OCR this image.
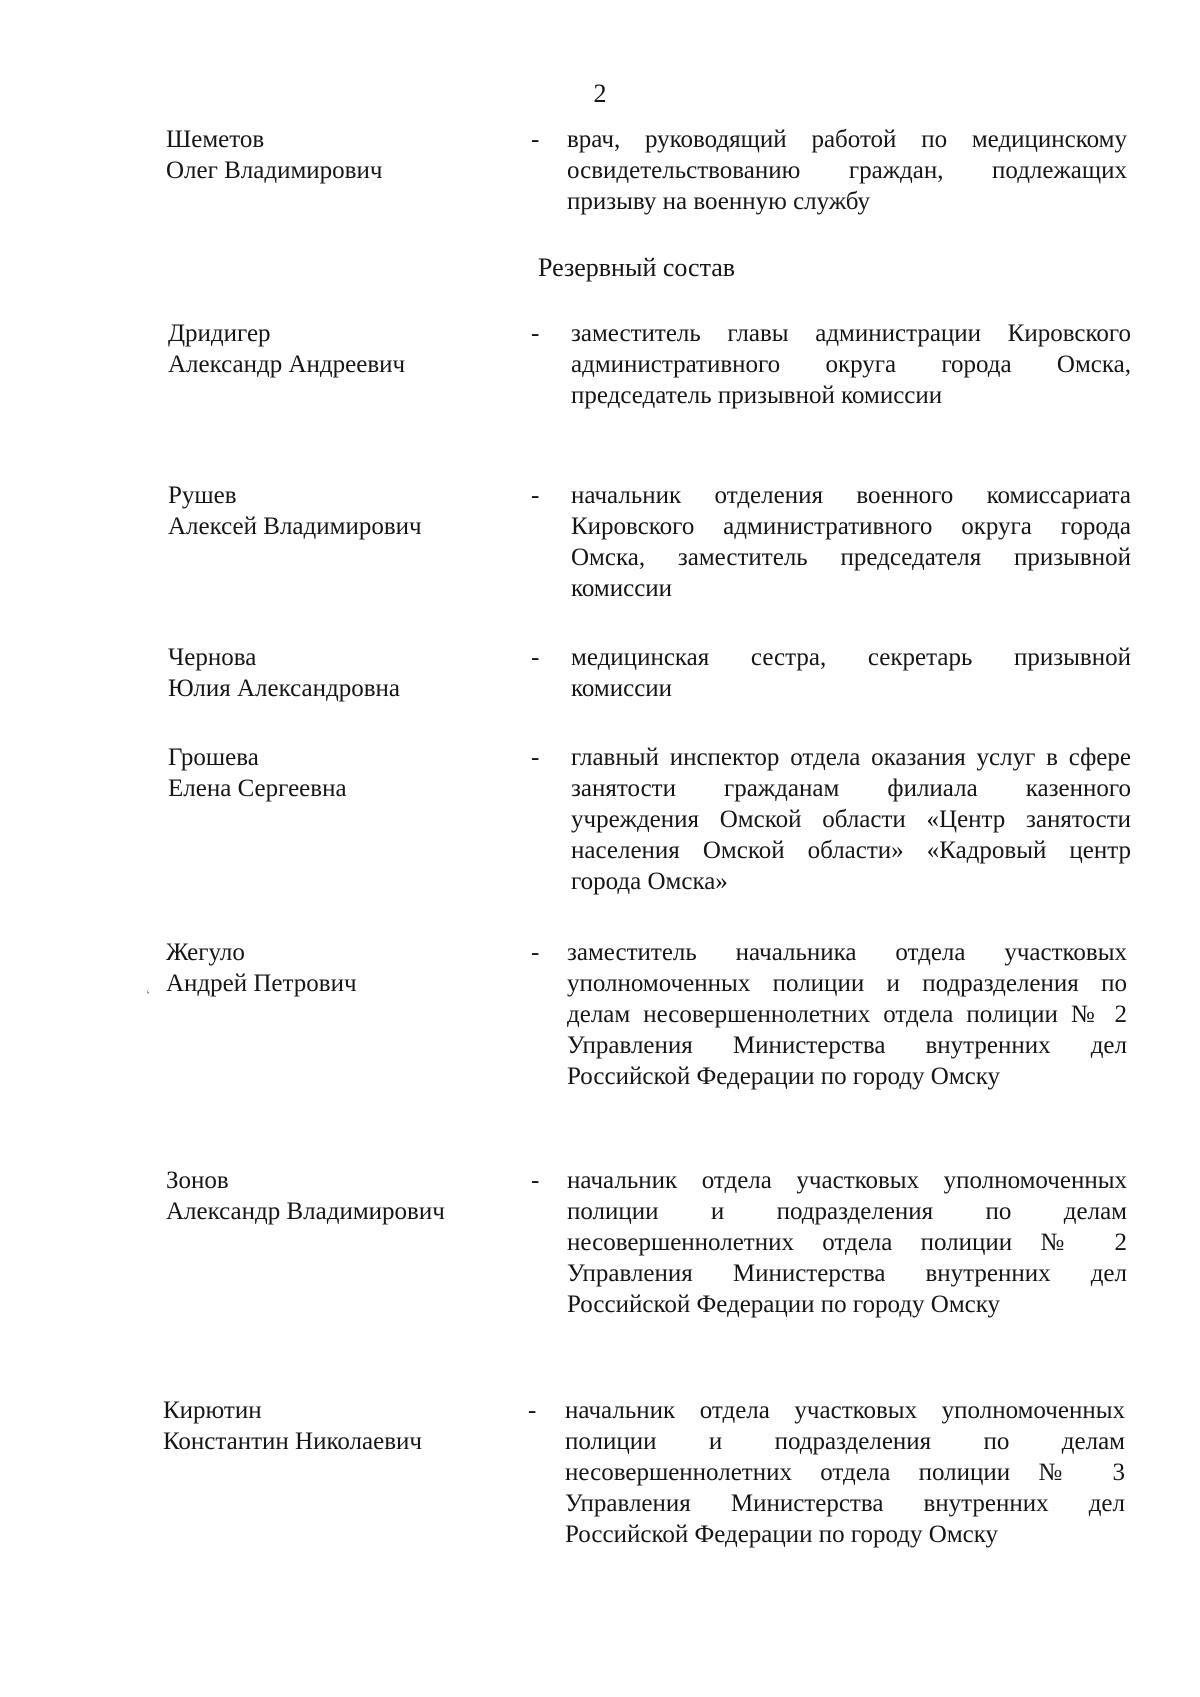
2
Шеметов
Олег Владимирович
- врач, руководящий работой по медицинскому освидетельствованию граждан, подлежащих призыву на военную службу
Резервный состав
Дридигер
Александр Андреевич
- заместитель главы администрации Кировского административного округа города Омска, председатель призывной комиссии
Рушев
Алексей Владимирович
- начальник отделения военного комиссариата Кировского административного округа города Омска, заместитель председателя призывной комиссии
Чернова
Юлия Александровна
- медицинская сестра, секретарь призывной комиссии
Грошева
Елена Сергеевна
- главный инспектор отдела оказания услуг в сфере занятости гражданам филиала казенного учреждения Омской области «Центр занятости населения Омской области» «Кадровый центр города Омска»
‘
Жегуло
Андрей Петрович
- заместитель начальника отдела участковых уполномоченных полиции и подразделения по делам несовершеннолетних отдела полиции № 2 Управления Министерства внутренних дел Российской Федерации по городу Омску
Зонов
Александр Владимирович
- начальник отдела участковых уполномоченных полиции и подразделения по делам несовершеннолетних отдела полиции № 2 Управления Министерства внутренних дел Российской Федерации по городу Омску
Кирютин
Константин Николаевич
- начальник отдела участковых уполномоченных полиции и подразделения по делам несовершеннолетних отдела полиции № 3 Управления Министерства внутренних дел Российской Федерации по городу Омску
